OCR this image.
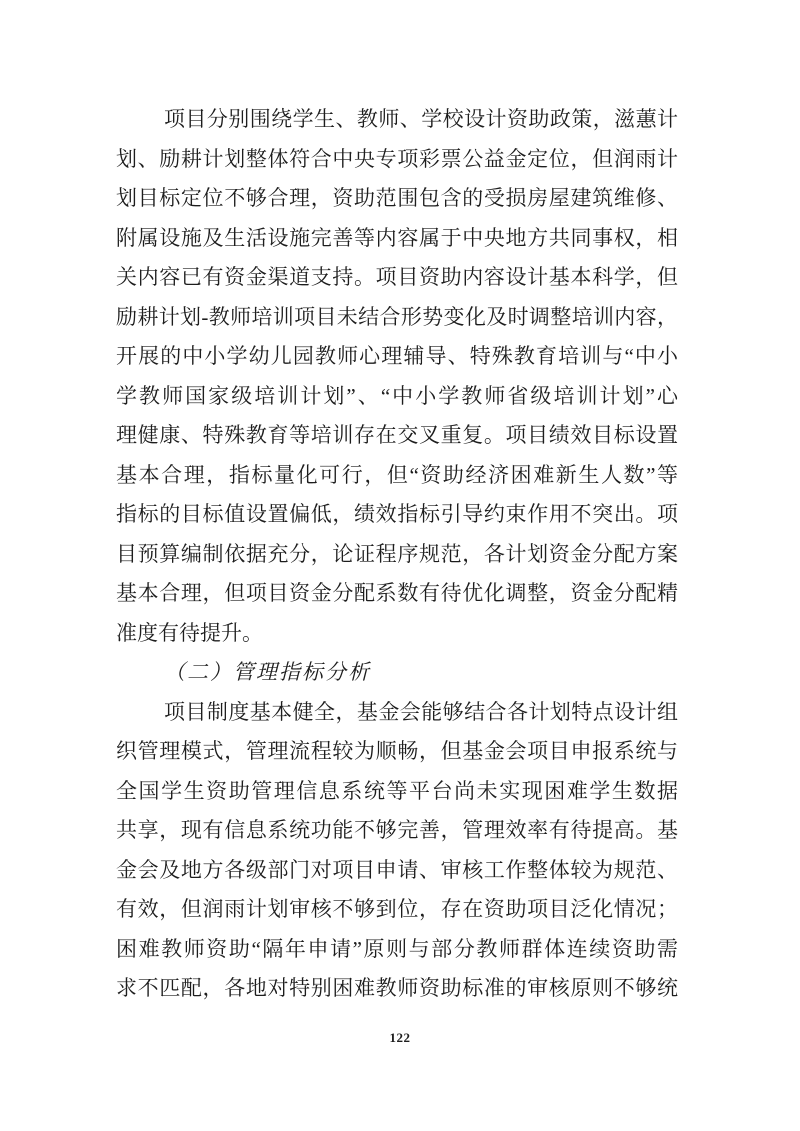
项目分别围绕学生、教师、学校设计资助政策，滋蕙计
划、励耕计划整体符合中央专项彩票公益金定位，但润雨计
划目标定位不够合理，资助范围包含的受损房屋建筑维修、
附属设施及生活设施完善等内容属于中央地方共同事权，相
关内容已有资金渠道支持。项目资助内容设计基本科学，但
励耕计划-教师培训项目未结合形势变化及时调整培训内容，
开展的中小学幼儿园教师心理辅导、特殊教育培训与“中小
学教师国家级培训计划”、“中小学教师省级培训计划”心
理健康、特殊教育等培训存在交叉重复。项目绩效目标设置
基本合理，指标量化可行，但“资助经济困难新生人数”等
指标的目标值设置偏低，绩效指标引导约束作用不突出。项
目预算编制依据充分，论证程序规范，各计划资金分配方案
基本合理，但项目资金分配系数有待优化调整，资金分配精
准度有待提升。
（二）管理指标分析
项目制度基本健全，基金会能够结合各计划特点设计组
织管理模式，管理流程较为顺畅，但基金会项目申报系统与
全国学生资助管理信息系统等平台尚未实现困难学生数据
共享，现有信息系统功能不够完善，管理效率有待提高。基
金会及地方各级部门对项目申请、审核工作整体较为规范、
有效，但润雨计划审核不够到位，存在资助项目泛化情况；
困难教师资助“隔年申请”原则与部分教师群体连续资助需
求不匹配，各地对特别困难教师资助标准的审核原则不够统
122
